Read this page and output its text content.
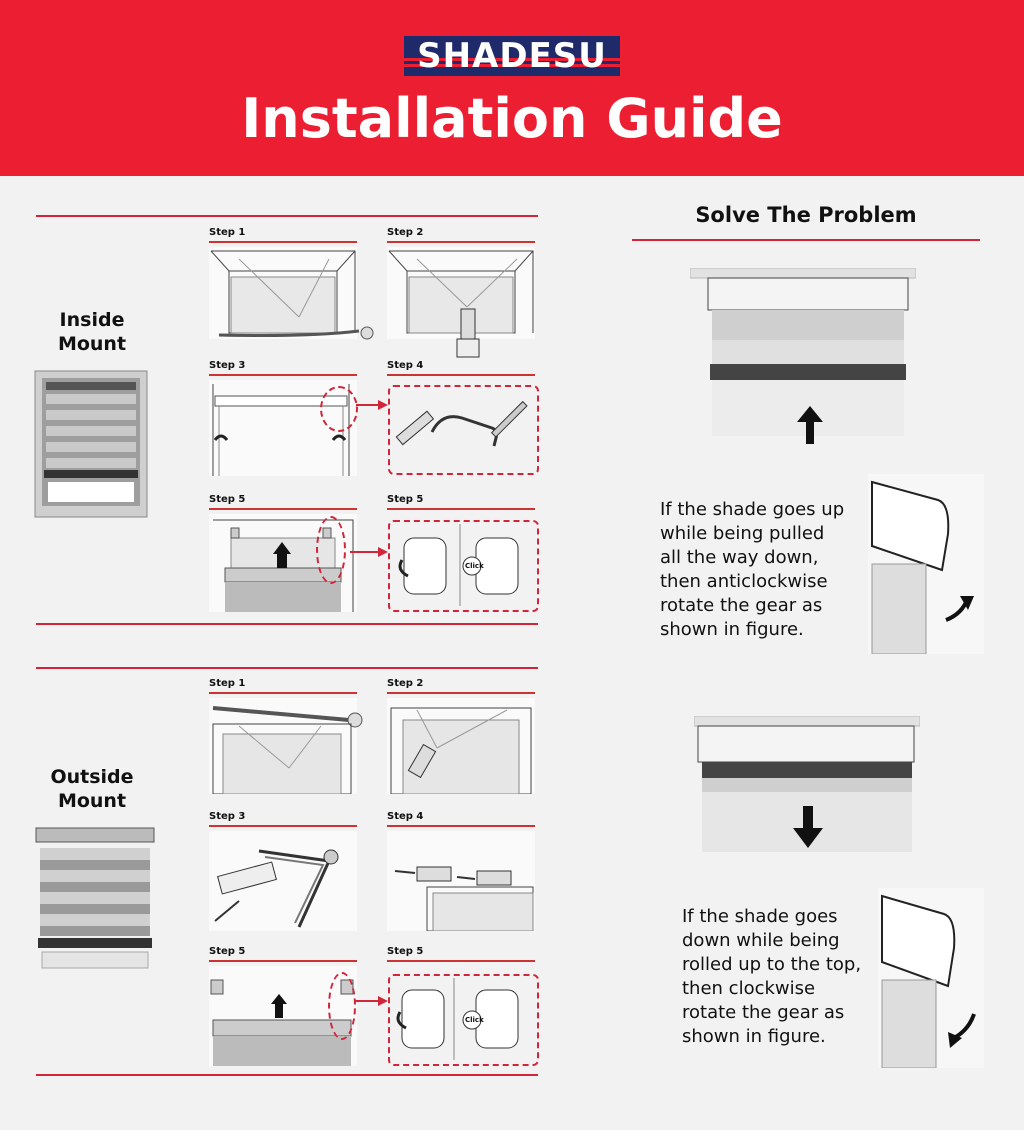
SHADESU
Installation Guide
Inside
Mount
Step 1	Step 2
Step 3	Step 4
Step 5	Step 5
Click
Outside
Mount
Step 1	Step 2
Step 3	Step 4
Step 5	Step 5
Click
Solve The Problem
If the shade goes up
while being pulled
all the way down,
then anticlockwise
rotate the gear as
shown in figure.
If the shade goes
down while being
rolled up to the top,
then clockwise
rotate the gear as
shown in figure.
